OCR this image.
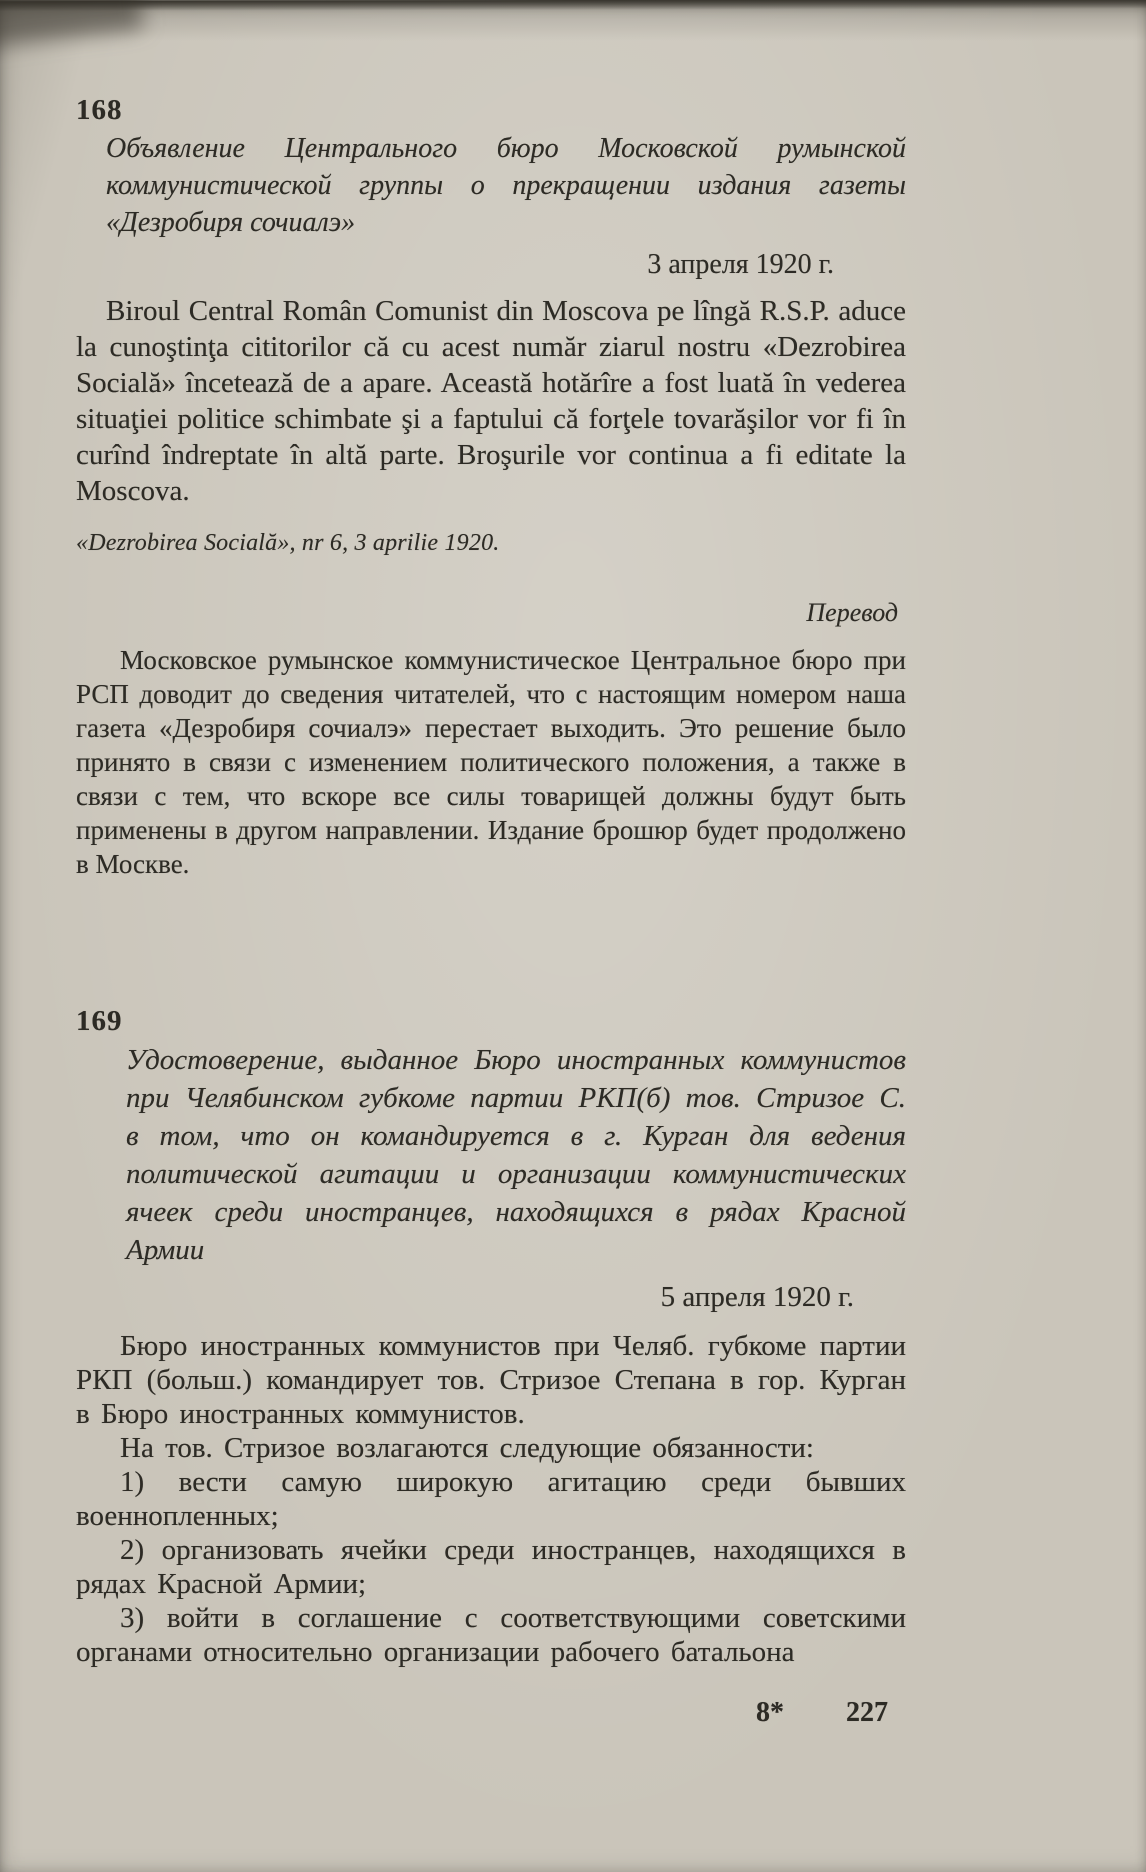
168
Объявление Центрального бюро Московской румынской коммунистической группы о прекращении издания газеты «Дезробиря сочиалэ»
3 апреля 1920 г.

Biroul Central Român Comunist din Moscova pe lîngă R.S.P. aduce la cunoştinţa cititorilor că cu acest număr ziarul nostru «Dezrobirea Socială» încetează de a apare. Această hotărîre a fost luată în vederea situaţiei politice schimbate şi a faptului că forţele tovarăşilor vor fi în curînd îndreptate în altă parte. Broşurile vor continua a fi editate la Moscova.

«Dezrobirea Socială», nr 6, 3 aprilie 1920.

Перевод

Московское румынское коммунистическое Центральное бюро при РСП доводит до сведения читателей, что с настоящим номером наша газета «Дезробиря сочиалэ» перестает выходить. Это решение было принято в связи с изменением политического положения, а также в связи с тем, что вскоре все силы товарищей должны будут быть применены в другом направлении. Издание брошюр будет продолжено в Москве.

169
Удостоверение, выданное Бюро иностранных коммунистов при Челябинском губкоме партии РКП(б) тов. Стризое С. в том, что он командируется в г. Курган для ведения политической агитации и организации коммунистических ячеек среди иностранцев, находящихся в рядах Красной Армии
5 апреля 1920 г.

Бюро иностранных коммунистов при Челяб. губкоме партии РКП (больш.) командирует тов. Стризое Степана в гор. Курган в Бюро иностранных коммунистов.

На тов. Стризое возлагаются следующие обязанности:

1) вести самую широкую агитацию среди бывших военнопленных;

2) организовать ячейки среди иностранцев, находящихся в рядах Красной Армии;

3) войти в соглашение с соответствующими советскими органами относительно организации рабочего батальона

8* 227
